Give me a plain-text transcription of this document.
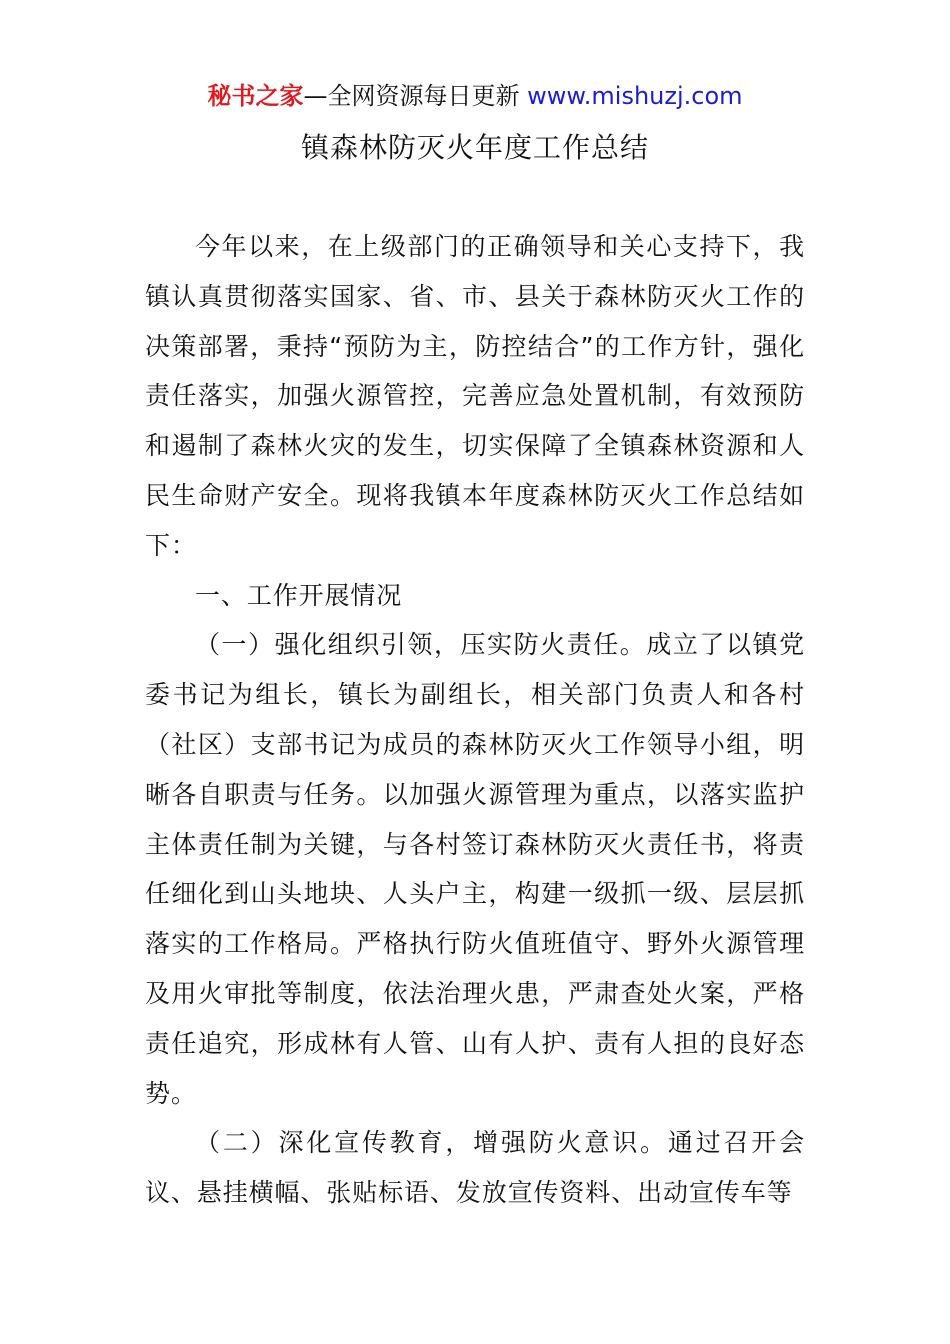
秘书之家—全网资源每日更新 www.mishuzj.com
镇森林防灭火年度工作总结

今年以来，在上级部门的正确领导和关心支持下，我镇认真贯彻落实国家、省、市、县关于森林防灭火工作的决策部署，秉持“预防为主，防控结合”的工作方针，强化责任落实，加强火源管控，完善应急处置机制，有效预防和遏制了森林火灾的发生，切实保障了全镇森林资源和人民生命财产安全。现将我镇本年度森林防灭火工作总结如下：

一、工作开展情况

（一）强化组织引领，压实防火责任。成立了以镇党委书记为组长，镇长为副组长，相关部门负责人和各村（社区）支部书记为成员的森林防灭火工作领导小组，明晰各自职责与任务。以加强火源管理为重点，以落实监护主体责任制为关键，与各村签订森林防灭火责任书，将责任细化到山头地块、人头户主，构建一级抓一级、层层抓落实的工作格局。严格执行防火值班值守、野外火源管理及用火审批等制度，依法治理火患，严肃查处火案，严格责任追究，形成林有人管、山有人护、责有人担的良好态势。

（二）深化宣传教育，增强防火意识。通过召开会议、悬挂横幅、张贴标语、发放宣传资料、出动宣传车等
